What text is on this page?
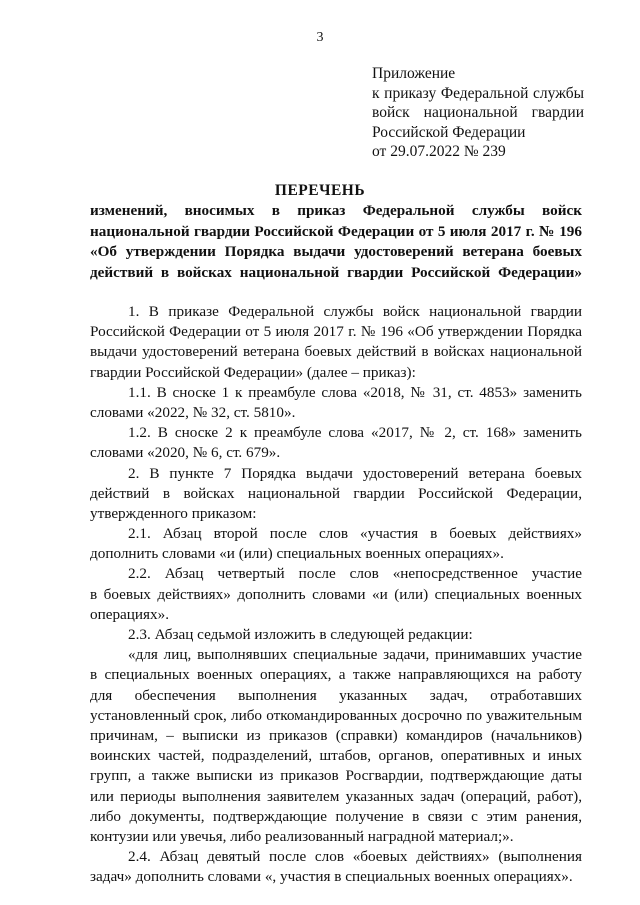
3
Приложение
к приказу Федеральной службы
войск национальной гвардии
Российской Федерации
от 29.07.2022 № 239
ПЕРЕЧЕНЬ
изменений, вносимых в приказ Федеральной службы войск
национальной гвардии Российской Федерации от 5 июля 2017 г. № 196
«Об утверждении Порядка выдачи удостоверений ветерана боевых
действий в войсках национальной гвардии Российской Федерации»
1. В приказе Федеральной службы войск национальной гвардии
Российской Федерации от 5 июля 2017 г. № 196 «Об утверждении Порядка
выдачи удостоверений ветерана боевых действий в войсках национальной
гвардии Российской Федерации» (далее – приказ):
1.1. В сноске 1 к преамбуле слова «2018, № 31, ст. 4853» заменить
словами «2022, № 32, ст. 5810».
1.2. В сноске 2 к преамбуле слова «2017, № 2, ст. 168» заменить
словами «2020, № 6, ст. 679».
2. В пункте 7 Порядка выдачи удостоверений ветерана боевых
действий в войсках национальной гвардии Российской Федерации,
утвержденного приказом:
2.1. Абзац второй после слов «участия в боевых действиях»
дополнить словами «и (или) специальных военных операциях».
2.2. Абзац четвертый после слов «непосредственное участие
в боевых действиях» дополнить словами «и (или) специальных военных
операциях».
2.3. Абзац седьмой изложить в следующей редакции:
«для лиц, выполнявших специальные задачи, принимавших участие
в специальных военных операциях, а также направляющихся на работу
для обеспечения выполнения указанных задач, отработавших
установленный срок, либо откомандированных досрочно по уважительным
причинам, – выписки из приказов (справки) командиров (начальников)
воинских частей, подразделений, штабов, органов, оперативных и иных
групп, а также выписки из приказов Росгвардии, подтверждающие даты
или периоды выполнения заявителем указанных задач (операций, работ),
либо документы, подтверждающие получение в связи с этим ранения,
контузии или увечья, либо реализованный наградной материал;».
2.4. Абзац девятый после слов «боевых действиях» (выполнения
задач» дополнить словами «, участия в специальных военных операциях».
